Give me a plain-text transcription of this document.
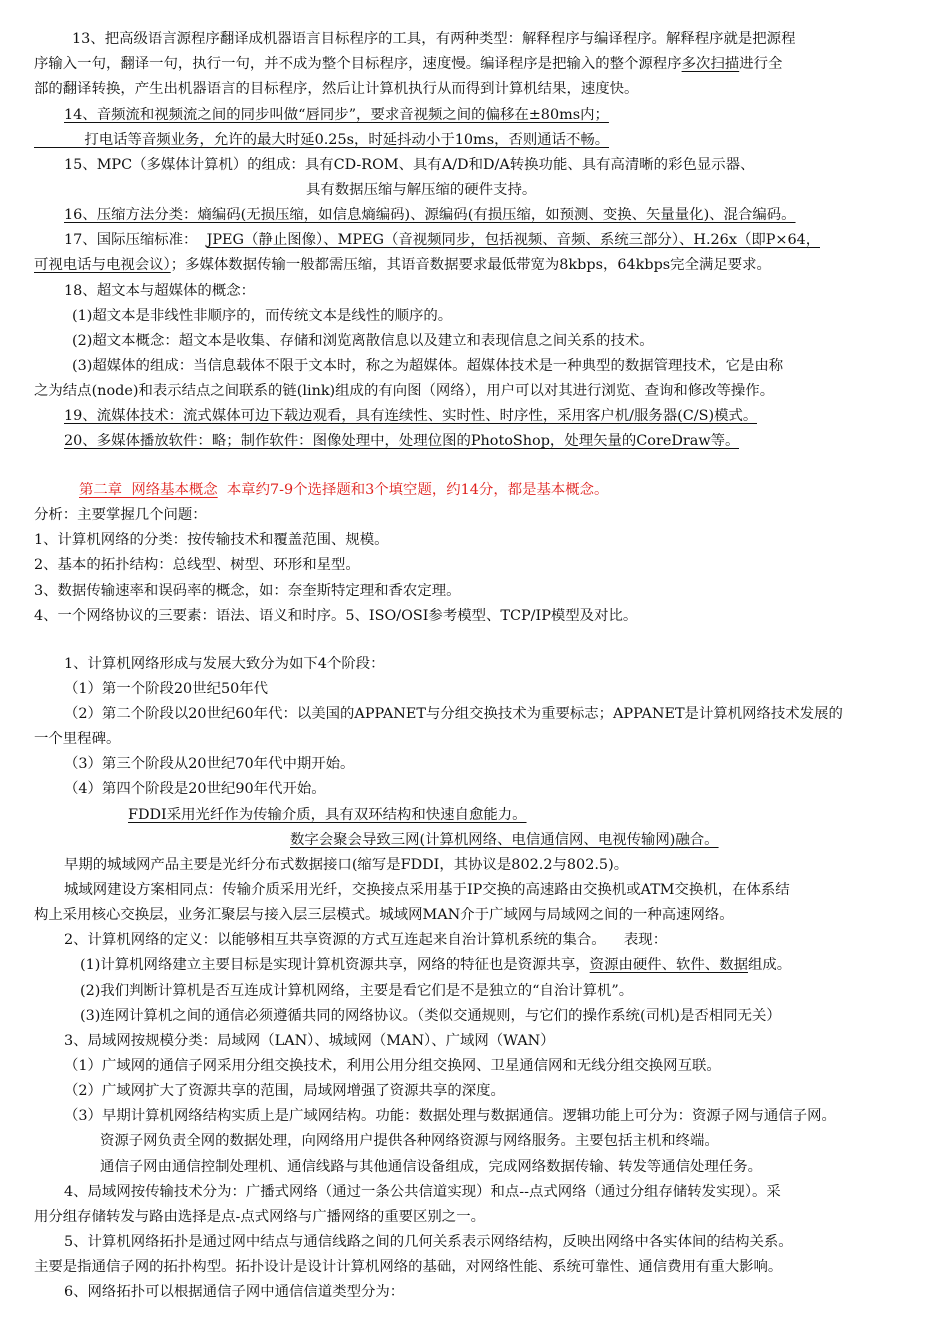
13、把高级语言源程序翻译成机器语言目标程序的工具，有两种类型：解释程序与编译程序。解释程序就是把源程
序输入一句，翻译一句，执行一句，并不成为整个目标程序，速度慢。编译程序是把输入的整个源程序多次扫描进行全
部的翻译转换，产生出机器语言的目标程序，然后让计算机执行从而得到计算机结果，速度快。
14、音频流和视频流之间的同步叫做“唇同步”，要求音视频之间的偏移在±80ms内；
打电话等音频业务，允许的最大时延0.25s，时延抖动小于10ms，否则通话不畅。
15、MPC（多媒体计算机）的组成：具有CD-ROM、具有A/D和D/A转换功能、具有高清晰的彩色显示器、
具有数据压缩与解压缩的硬件支持。
16、压缩方法分类：熵编码(无损压缩，如信息熵编码)、源编码(有损压缩，如预测、变换、矢量量化)、混合编码。
17、国际压缩标准：  JPEG（静止图像）、MPEG（音视频同步，包括视频、音频、系统三部分）、H.26x（即P×64，
可视电话与电视会议）；多媒体数据传输一般都需压缩，其语音数据要求最低带宽为8kbps，64kbps完全满足要求。
18、超文本与超媒体的概念：
(1)超文本是非线性非顺序的，而传统文本是线性的顺序的。
(2)超文本概念：超文本是收集、存储和浏览离散信息以及建立和表现信息之间关系的技术。
(3)超媒体的组成：当信息载体不限于文本时，称之为超媒体。超媒体技术是一种典型的数据管理技术，它是由称
之为结点(node)和表示结点之间联系的链(link)组成的有向图（网络），用户可以对其进行浏览、查询和修改等操作。
19、流媒体技术：流式媒体可边下载边观看，具有连续性、实时性、时序性，采用客户机/服务器(C/S)模式。
20、多媒体播放软件：略；制作软件：图像处理中，处理位图的PhotoShop，处理矢量的CoreDraw等。
第二章  网络基本概念  本章约7-9个选择题和3个填空题，约14分，都是基本概念。
分析：主要掌握几个问题：
1、计算机网络的分类：按传输技术和覆盖范围、规模。
2、基本的拓扑结构：总线型、树型、环形和星型。
3、数据传输速率和误码率的概念，如：奈奎斯特定理和香农定理。
4、一个网络协议的三要素：语法、语义和时序。5、ISO/OSI参考模型、TCP/IP模型及对比。
1、计算机网络形成与发展大致分为如下4个阶段：
（1）第一个阶段20世纪50年代
（2）第二个阶段以20世纪60年代：以美国的APPANET与分组交换技术为重要标志；APPANET是计算机网络技术发展的
一个里程碑。
（3）第三个阶段从20世纪70年代中期开始。
（4）第四个阶段是20世纪90年代开始。
FDDI采用光纤作为传输介质，具有双环结构和快速自愈能力。
数字会聚会导致三网(计算机网络、电信通信网、电视传输网)融合。
早期的城域网产品主要是光纤分布式数据接口(缩写是FDDI，其协议是802.2与802.5)。
城域网建设方案相同点：传输介质采用光纤，交换接点采用基于IP交换的高速路由交换机或ATM交换机，在体系结
构上采用核心交换层，业务汇聚层与接入层三层模式。城域网MAN介于广域网与局域网之间的一种高速网络。
2、计算机网络的定义：以能够相互共享资源的方式互连起来自治计算机系统的集合。    表现：
(1)计算机网络建立主要目标是实现计算机资源共享，网络的特征也是资源共享，资源由硬件、软件、数据组成。
(2)我们判断计算机是否互连成计算机网络，主要是看它们是不是独立的“自治计算机”。
(3)连网计算机之间的通信必须遵循共同的网络协议。（类似交通规则，与它们的操作系统(司机)是否相同无关）
3、局域网按规模分类：局域网（LAN）、城域网（MAN）、广域网（WAN）
（1）广域网的通信子网采用分组交换技术，利用公用分组交换网、卫星通信网和无线分组交换网互联。
（2）广域网扩大了资源共享的范围，局域网增强了资源共享的深度。
（3）早期计算机网络结构实质上是广域网结构。功能：数据处理与数据通信。逻辑功能上可分为：资源子网与通信子网。
资源子网负责全网的数据处理，向网络用户提供各种网络资源与网络服务。主要包括主机和终端。
通信子网由通信控制处理机、通信线路与其他通信设备组成，完成网络数据传输、转发等通信处理任务。
4、局域网按传输技术分为：广播式网络（通过一条公共信道实现）和点--点式网络（通过分组存储转发实现）。采
用分组存储转发与路由选择是点-点式网络与广播网络的重要区别之一。
5、计算机网络拓扑是通过网中结点与通信线路之间的几何关系表示网络结构，反映出网络中各实体间的结构关系。
主要是指通信子网的拓扑构型。拓扑设计是设计计算机网络的基础，对网络性能、系统可靠性、通信费用有重大影响。
6、网络拓扑可以根据通信子网中通信信道类型分为：
